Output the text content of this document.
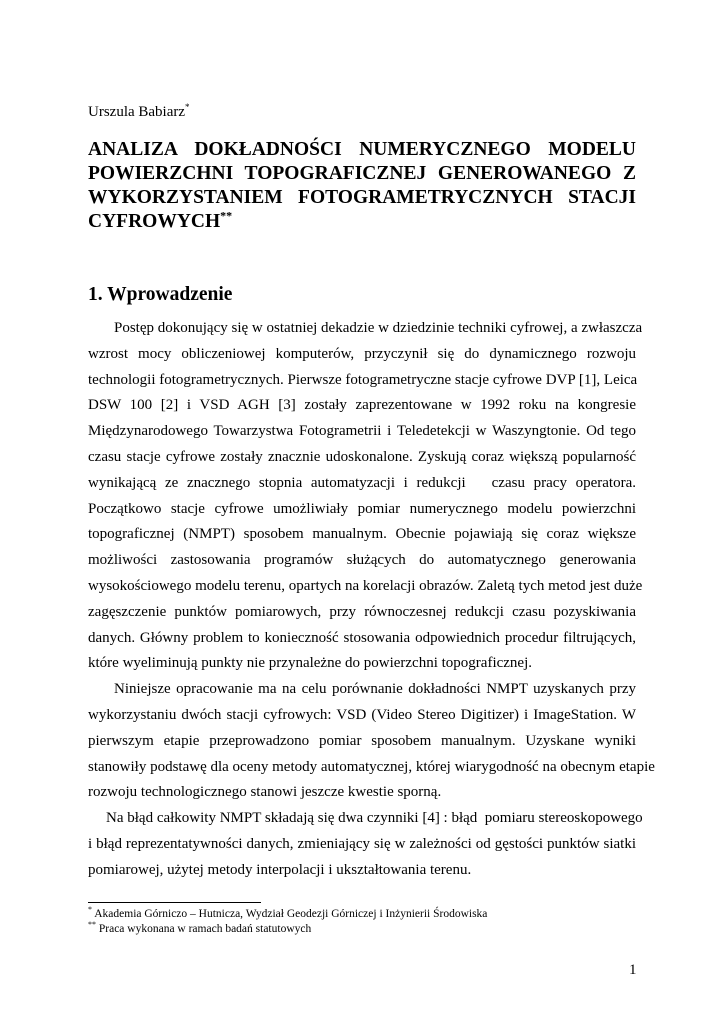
Urszula Babiarz*
ANALIZA DOKŁADNOŚCI NUMERYCZNEGO MODELU
POWIERZCHNI TOPOGRAFICZNEJ GENEROWANEGO Z
WYKORZYSTANIEM FOTOGRAMETRYCZNYCH STACJI
CYFROWYCH**
1. Wprowadzenie

Postęp dokonujący się w ostatniej dekadzie w dziedzinie techniki cyfrowej, a zwłaszcza
wzrost mocy obliczeniowej komputerów, przyczynił się do dynamicznego rozwoju
technologii fotogrametrycznych. Pierwsze fotogrametryczne stacje cyfrowe DVP [1], Leica
DSW 100 [2] i VSD AGH [3] zostały zaprezentowane w 1992 roku na kongresie
Międzynarodowego Towarzystwa Fotogrametrii i Teledetekcji w Waszyngtonie. Od tego
czasu stacje cyfrowe zostały znacznie udoskonalone. Zyskują coraz większą popularność
wynikającą ze znacznego stopnia automatyzacji i redukcji   czasu pracy operatora.
Początkowo stacje cyfrowe umożliwiały pomiar numerycznego modelu powierzchni
topograficznej (NMPT) sposobem manualnym. Obecnie pojawiają się coraz większe
możliwości zastosowania programów służących do automatycznego generowania
wysokościowego modelu terenu, opartych na korelacji obrazów. Zaletą tych metod jest duże
zagęszczenie punktów pomiarowych, przy równoczesnej redukcji czasu pozyskiwania
danych. Główny problem to konieczność stosowania odpowiednich procedur filtrujących,
które wyeliminują punkty nie przynależne do powierzchni topograficznej.

Niniejsze opracowanie ma na celu porównanie dokładności NMPT uzyskanych przy
wykorzystaniu dwóch stacji cyfrowych: VSD (Video Stereo Digitizer) i ImageStation. W
pierwszym etapie przeprowadzono pomiar sposobem manualnym. Uzyskane wyniki
stanowiły podstawę dla oceny metody automatycznej, której wiarygodność na obecnym etapie
rozwoju technologicznego stanowi jeszcze kwestie sporną.

Na błąd całkowity NMPT składają się dwa czynniki [4] : błąd  pomiaru stereoskopowego
i błąd reprezentatywności danych, zmieniający się w zależności od gęstości punktów siatki
pomiarowej, użytej metody interpolacji i ukształtowania terenu.

* Akademia Górniczo – Hutnicza, Wydział Geodezji Górniczej i Inżynierii Środowiska
** Praca wykonana w ramach badań statutowych
1
